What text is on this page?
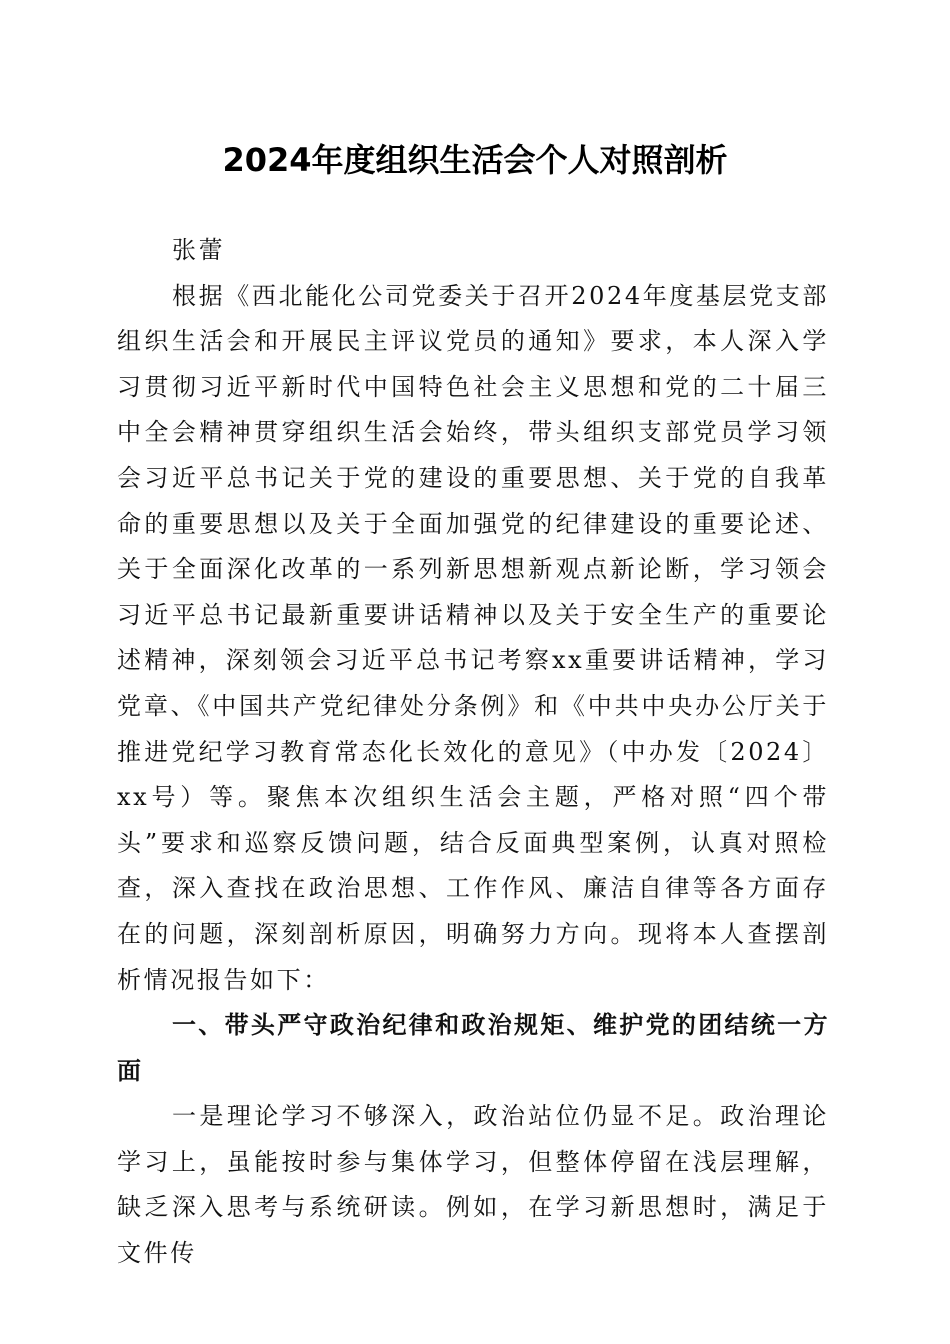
2024年度组织生活会个人对照剖析

张蕾

根据《西北能化公司党委关于召开2024年度基层党支部组织生活会和开展民主评议党员的通知》要求，本人深入学习贯彻习近平新时代中国特色社会主义思想和党的二十届三中全会精神贯穿组织生活会始终，带头组织支部党员学习领会习近平总书记关于党的建设的重要思想、关于党的自我革命的重要思想以及关于全面加强党的纪律建设的重要论述、关于全面深化改革的一系列新思想新观点新论断，学习领会习近平总书记最新重要讲话精神以及关于安全生产的重要论述精神，深刻领会习近平总书记考察xx重要讲话精神，学习党章、《中国共产党纪律处分条例》和《中共中央办公厅关于推进党纪学习教育常态化长效化的意见》（中办发〔2024〕xx号）等。聚焦本次组织生活会主题，严格对照“四个带头”要求和巡察反馈问题，结合反面典型案例，认真对照检查，深入查找在政治思想、工作作风、廉洁自律等各方面存在的问题，深刻剖析原因，明确努力方向。现将本人查摆剖析情况报告如下：

一、带头严守政治纪律和政治规矩、维护党的团结统一方面

一是理论学习不够深入，政治站位仍显不足。政治理论学习上，虽能按时参与集体学习，但整体停留在浅层理解，缺乏深入思考与系统研读。例如，在学习新思想时，满足于文件传
